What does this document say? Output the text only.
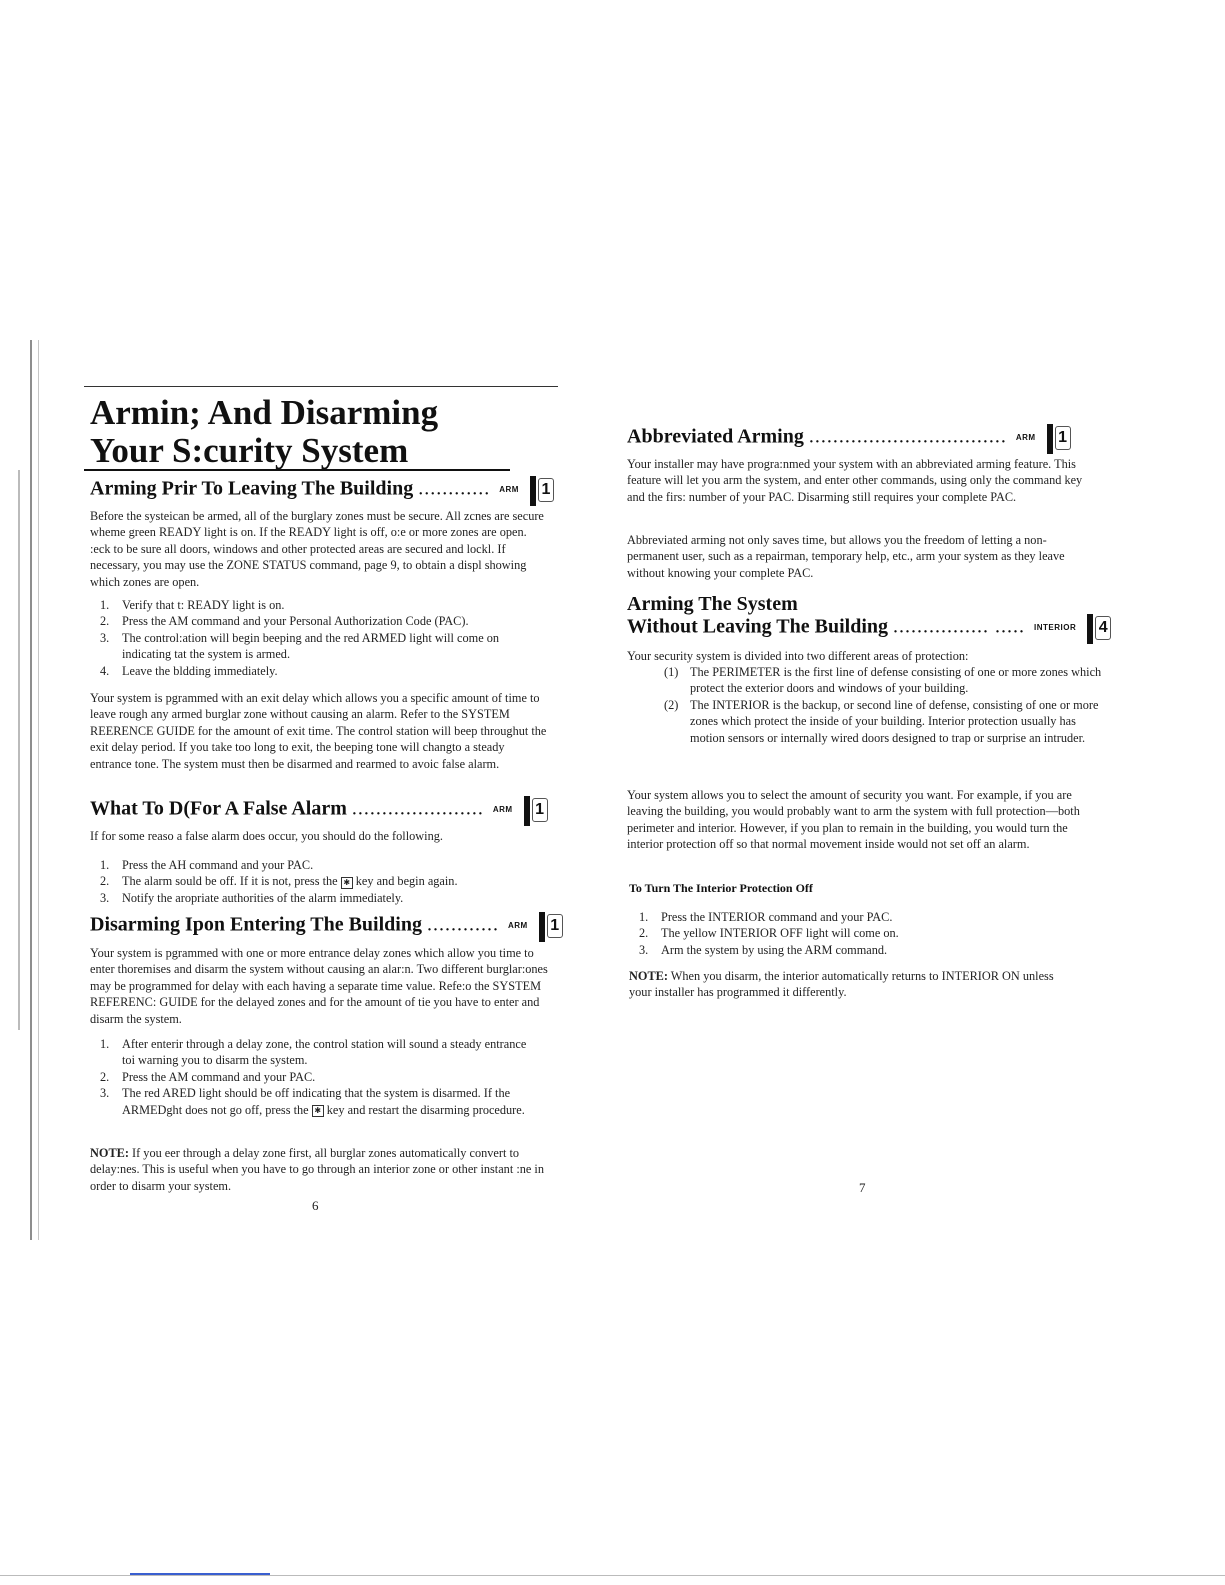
Armin; And Disarming Your S:curity System
Arming Prir To Leaving The Building ............ ARM 1

Before the systeican be armed, all of the burglary zones must be secure. All zcnes are secure wheme green READY light is on. If the READY light is off, o:e or more zones are open. :eck to be sure all doors, windows and other protected areas are secured and lockl. If necessary, you may use the ZONE STATUS command, page 9, to obtain a displ showing which zones are open.

1. Verify that t: READY light is on.
2. Press the AM command and your Personal Authorization Code (PAC).
3. The control:ation will begin beeping and the red ARMED light will come on indicating tat the system is armed.
4. Leave the bldding immediately.

Your system is pgrammed with an exit delay which allows you a specific amount of time to leave rough any armed burglar zone without causing an alarm. Refer to the SYSTEM REERENCE GUIDE for the amount of exit time. The control station will beep throughut the exit delay period. If you take too long to exit, the beeping tone will changto a steady entrance tone. The system must then be disarmed and rearmed to avoic false alarm.

What To D(For A False Alarm ...................... ARM 1

If for some reaso a false alarm does occur, you should do the following.

1. Press the AH command and your PAC.
2. The alarm sould be off. If it is not, press the ✱ key and begin again.
3. Notify the aropriate authorities of the alarm immediately.
Disarming Ipon Entering The Building ............ ARM 1

Your system is pgrammed with one or more entrance delay zones which allow you time to enter thoremises and disarm the system without causing an alar:n. Two different burglar:ones may be programmed for delay with each having a separate time value. Refe:o the SYSTEM REFERENC: GUIDE for the delayed zones and for the amount of tie you have to enter and disarm the system.

1. After enterir through a delay zone, the control station will sound a steady entrance toi warning you to disarm the system.
2. Press the AM command and your PAC.
3. The red ARED light should be off indicating that the system is disarmed. If the ARMEDght does not go off, press the ✱ key and restart the disarming procedure.

NOTE: If you eer through a delay zone first, all burglar zones automatically convert to delay:nes. This is useful when you have to go through an interior zone or other instant :ne in order to disarm your system.

6

Abbreviated Arming ................................. ARM 1

Your installer may have progra:nmed your system with an abbreviated arming feature. This feature will let you arm the system, and enter other commands, using only the command key and the firs: number of your PAC. Disarming still requires your complete PAC.

Abbreviated arming not only saves time, but allows you the freedom of letting a non-permanent user, such as a repairman, temporary help, etc., arm your system as they leave without knowing your complete PAC.

Arming The System
Without Leaving The Building ................ ..... INTERIOR 4

Your security system is divided into two different areas of protection:

(1) The PERIMETER is the first line of defense consisting of one or more zones which protect the exterior doors and windows of your building.
(2) The INTERIOR is the backup, or second line of defense, consisting of one or more zones which protect the inside of your building. Interior protection usually has motion sensors or internally wired doors designed to trap or surprise an intruder.

Your system allows you to select the amount of security you want. For example, if you are leaving the building, you would probably want to arm the system with full protection—both perimeter and interior. However, if you plan to remain in the building, you would turn the interior protection off so that normal movement inside would not set off an alarm.

To Turn The Interior Protection Off

1. Press the INTERIOR command and your PAC.
2. The yellow INTERIOR OFF light will come on.
3. Arm the system by using the ARM command.

NOTE: When you disarm, the interior automatically returns to INTERIOR ON unless your installer has programmed it differently.

7
